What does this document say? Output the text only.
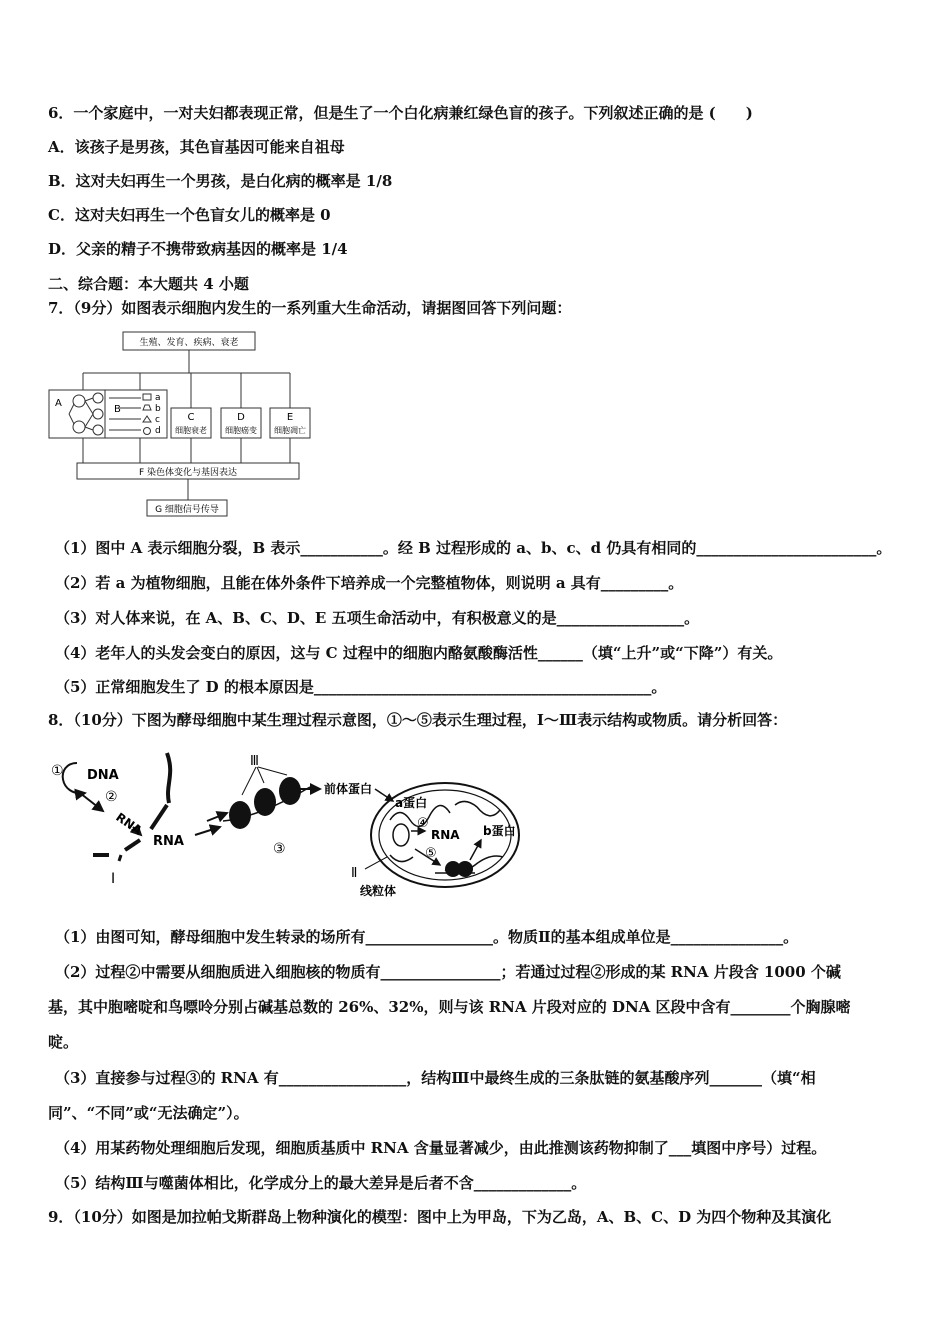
6．一个家庭中，一对夫妇都表现正常，但是生了一个白化病兼红绿色盲的孩子。下列叙述正确的是 (　　)
A．该孩子是男孩，其色盲基因可能来自祖母
B．这对夫妇再生一个男孩，是白化病的概率是 1/8
C．这对夫妇再生一个色盲女儿的概率是 0
D．父亲的精子不携带致病基因的概率是 1/4
二、综合题：本大题共 4 小题
7．（9分）如图表示细胞内发生的一系列重大生命活动，请据图回答下列问题：
生殖、发育、疾病、衰老
A
B
a
b
c
d
C
细胞衰老
D
细胞癌变
E
细胞凋亡
F 染色体变化与基因表达
G 细胞信号传导
（1）图中 A 表示细胞分裂，B 表示___________。经 B 过程形成的 a、b、c、d 仍具有相同的________________________。
（2）若 a 为植物细胞，且能在体外条件下培养成一个完整植物体，则说明 a 具有_________。
（3）对人体来说，在 A、B、C、D、E 五项生命活动中，有积极意义的是_________________。
（4）老年人的头发会变白的原因，这与 C 过程中的细胞内酪氨酸酶活性______（填“上升”或“下降”）有关。
（5）正常细胞发生了 D 的根本原因是_____________________________________________。
8．（10分）下图为酵母细胞中某生理过程示意图，①～⑤表示生理过程，Ⅰ～Ⅲ表示结构或物质。请分析回答：
① DNA
②
RNA
RNA
Ⅰ
Ⅲ
③
前体蛋白
a蛋白
④
RNA b蛋白
⑤
Ⅱ
线粒体
（1）由图可知，酵母细胞中发生转录的场所有_________________。物质Ⅱ的基本组成单位是_______________。
（2）过程②中需要从细胞质进入细胞核的物质有________________；若通过过程②形成的某 RNA 片段含 1000 个碱
基，其中胞嘧啶和鸟嘌呤分别占碱基总数的 26%、32%，则与该 RNA 片段对应的 DNA 区段中含有________个胸腺嘧
啶。
（3）直接参与过程③的 RNA 有_________________，结构Ⅲ中最终生成的三条肽链的氨基酸序列_______（填“相
同”、“不同”或“无法确定”）。
（4）用某药物处理细胞后发现，细胞质基质中 RNA 含量显著减少，由此推测该药物抑制了___填图中序号）过程。
（5）结构Ⅲ与噬菌体相比，化学成分上的最大差异是后者不含_____________。
9．（10分）如图是加拉帕戈斯群岛上物种演化的模型：图中上为甲岛，下为乙岛，A、B、C、D 为四个物种及其演化
